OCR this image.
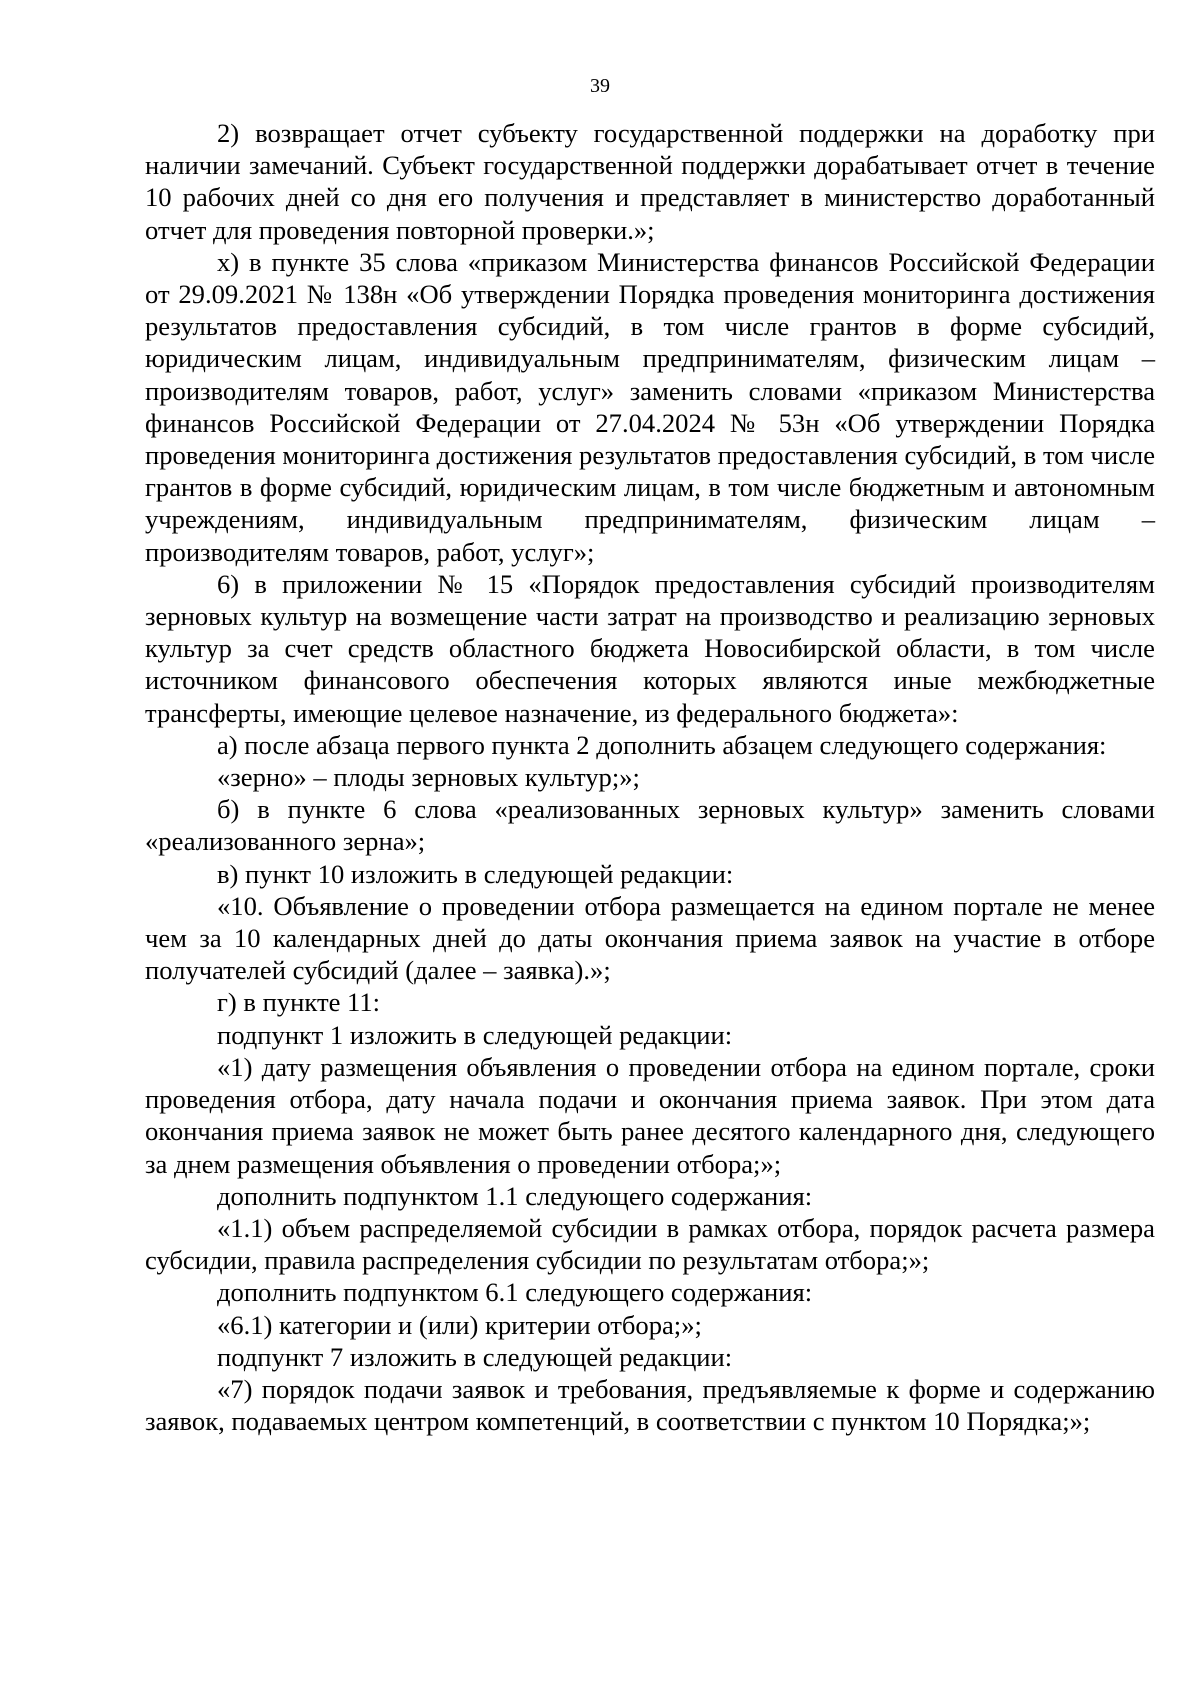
39

2) возвращает отчет субъекту государственной поддержки на доработку при наличии замечаний. Субъект государственной поддержки дорабатывает отчет в течение 10 рабочих дней со дня его получения и представляет в министерство доработанный отчет для проведения повторной проверки.»;

х) в пункте 35 слова «приказом Министерства финансов Российской Федерации от 29.09.2021 № 138н «Об утверждении Порядка проведения мониторинга достижения результатов предоставления субсидий, в том числе грантов в форме субсидий, юридическим лицам, индивидуальным предпринимателям, физическим лицам – производителям товаров, работ, услуг» заменить словами «приказом Министерства финансов Российской Федерации от 27.04.2024 № 53н «Об утверждении Порядка проведения мониторинга достижения результатов предоставления субсидий, в том числе грантов в форме субсидий, юридическим лицам, в том числе бюджетным и автономным учреждениям, индивидуальным предпринимателям, физическим лицам – производителям товаров, работ, услуг»;

6) в приложении № 15 «Порядок предоставления субсидий производителям зерновых культур на возмещение части затрат на производство и реализацию зерновых культур за счет средств областного бюджета Новосибирской области, в том числе источником финансового обеспечения которых являются иные межбюджетные трансферты, имеющие целевое назначение, из федерального бюджета»:

а) после абзаца первого пункта 2 дополнить абзацем следующего содержания:

«зерно» – плоды зерновых культур;»;

б) в пункте 6 слова «реализованных зерновых культур» заменить словами «реализованного зерна»;

в) пункт 10 изложить в следующей редакции:

«10. Объявление о проведении отбора размещается на едином портале не менее чем за 10 календарных дней до даты окончания приема заявок на участие в отборе получателей субсидий (далее – заявка).»;

г) в пункте 11:

подпункт 1 изложить в следующей редакции:

«1) дату размещения объявления о проведении отбора на едином портале, сроки проведения отбора, дату начала подачи и окончания приема заявок. При этом дата окончания приема заявок не может быть ранее десятого календарного дня, следующего за днем размещения объявления о проведении отбора;»;

дополнить подпунктом 1.1 следующего содержания:

«1.1) объем распределяемой субсидии в рамках отбора, порядок расчета размера субсидии, правила распределения субсидии по результатам отбора;»;

дополнить подпунктом 6.1 следующего содержания:

«6.1) категории и (или) критерии отбора;»;

подпункт 7 изложить в следующей редакции:

«7) порядок подачи заявок и требования, предъявляемые к форме и содержанию заявок, подаваемых центром компетенций, в соответствии с пунктом 10 Порядка;»;
